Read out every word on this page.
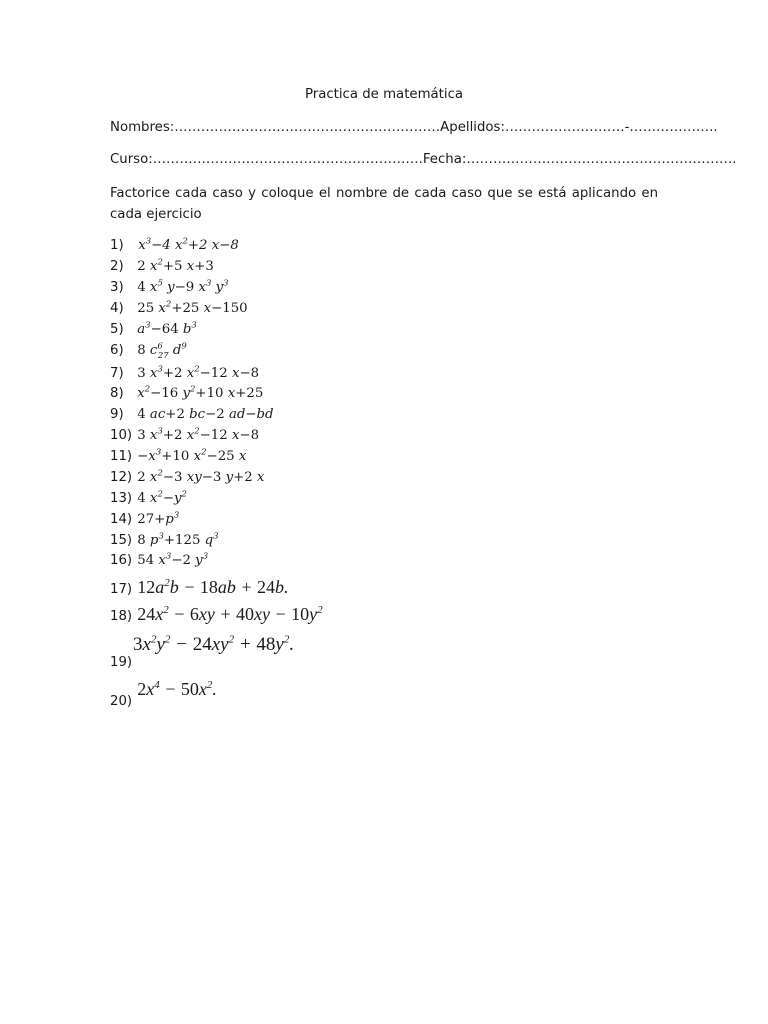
Practica de matemática
Nombres:……………………………………………………Apellidos:………………………-………………..
Curso:…………………………………………………….Fecha:…………………………………………………….
Factorice cada caso y coloque el nombre de cada caso que se está aplicando en cada ejercicio
1) $x^3-4$ $x^2+2$ x−8
2) 2 $x^2+5$ x+3
3) 4 $x^5$ y−9 $x^3$ $y^3$
4) 25 $x^2+25$ x−150
5) $a^3-64$ $b^3$
6) 8 $c^6_{27}$ $d^9$
7) 3 $x^3+2$ $x^2-12$ x−8
8) $x^2-16$ $y^2+10$ x+25
9) 4 ac+2 bc−2 ad−bd
10) 3 $x^3+2$ $x^2-12$ x−8
$11) -x^3+10$ $x^2-25$ x
12) 2 $x^2-3$ xy−3 y+2 x
13) 4 $x^2-y^2$
14) $27+p^3$
15) 8 $p^3+125$ $q^3$
16) 54 $x^3-2$ $y^3$
17) $12a^2b - 18ab + 24b$.
18) $24x^2 - 6xy + 40xy - 10y^2$
19)
$3x^2y^2 - 24xy^2 + 48y^2$.
20) $2x^4 - 50x^2$.
